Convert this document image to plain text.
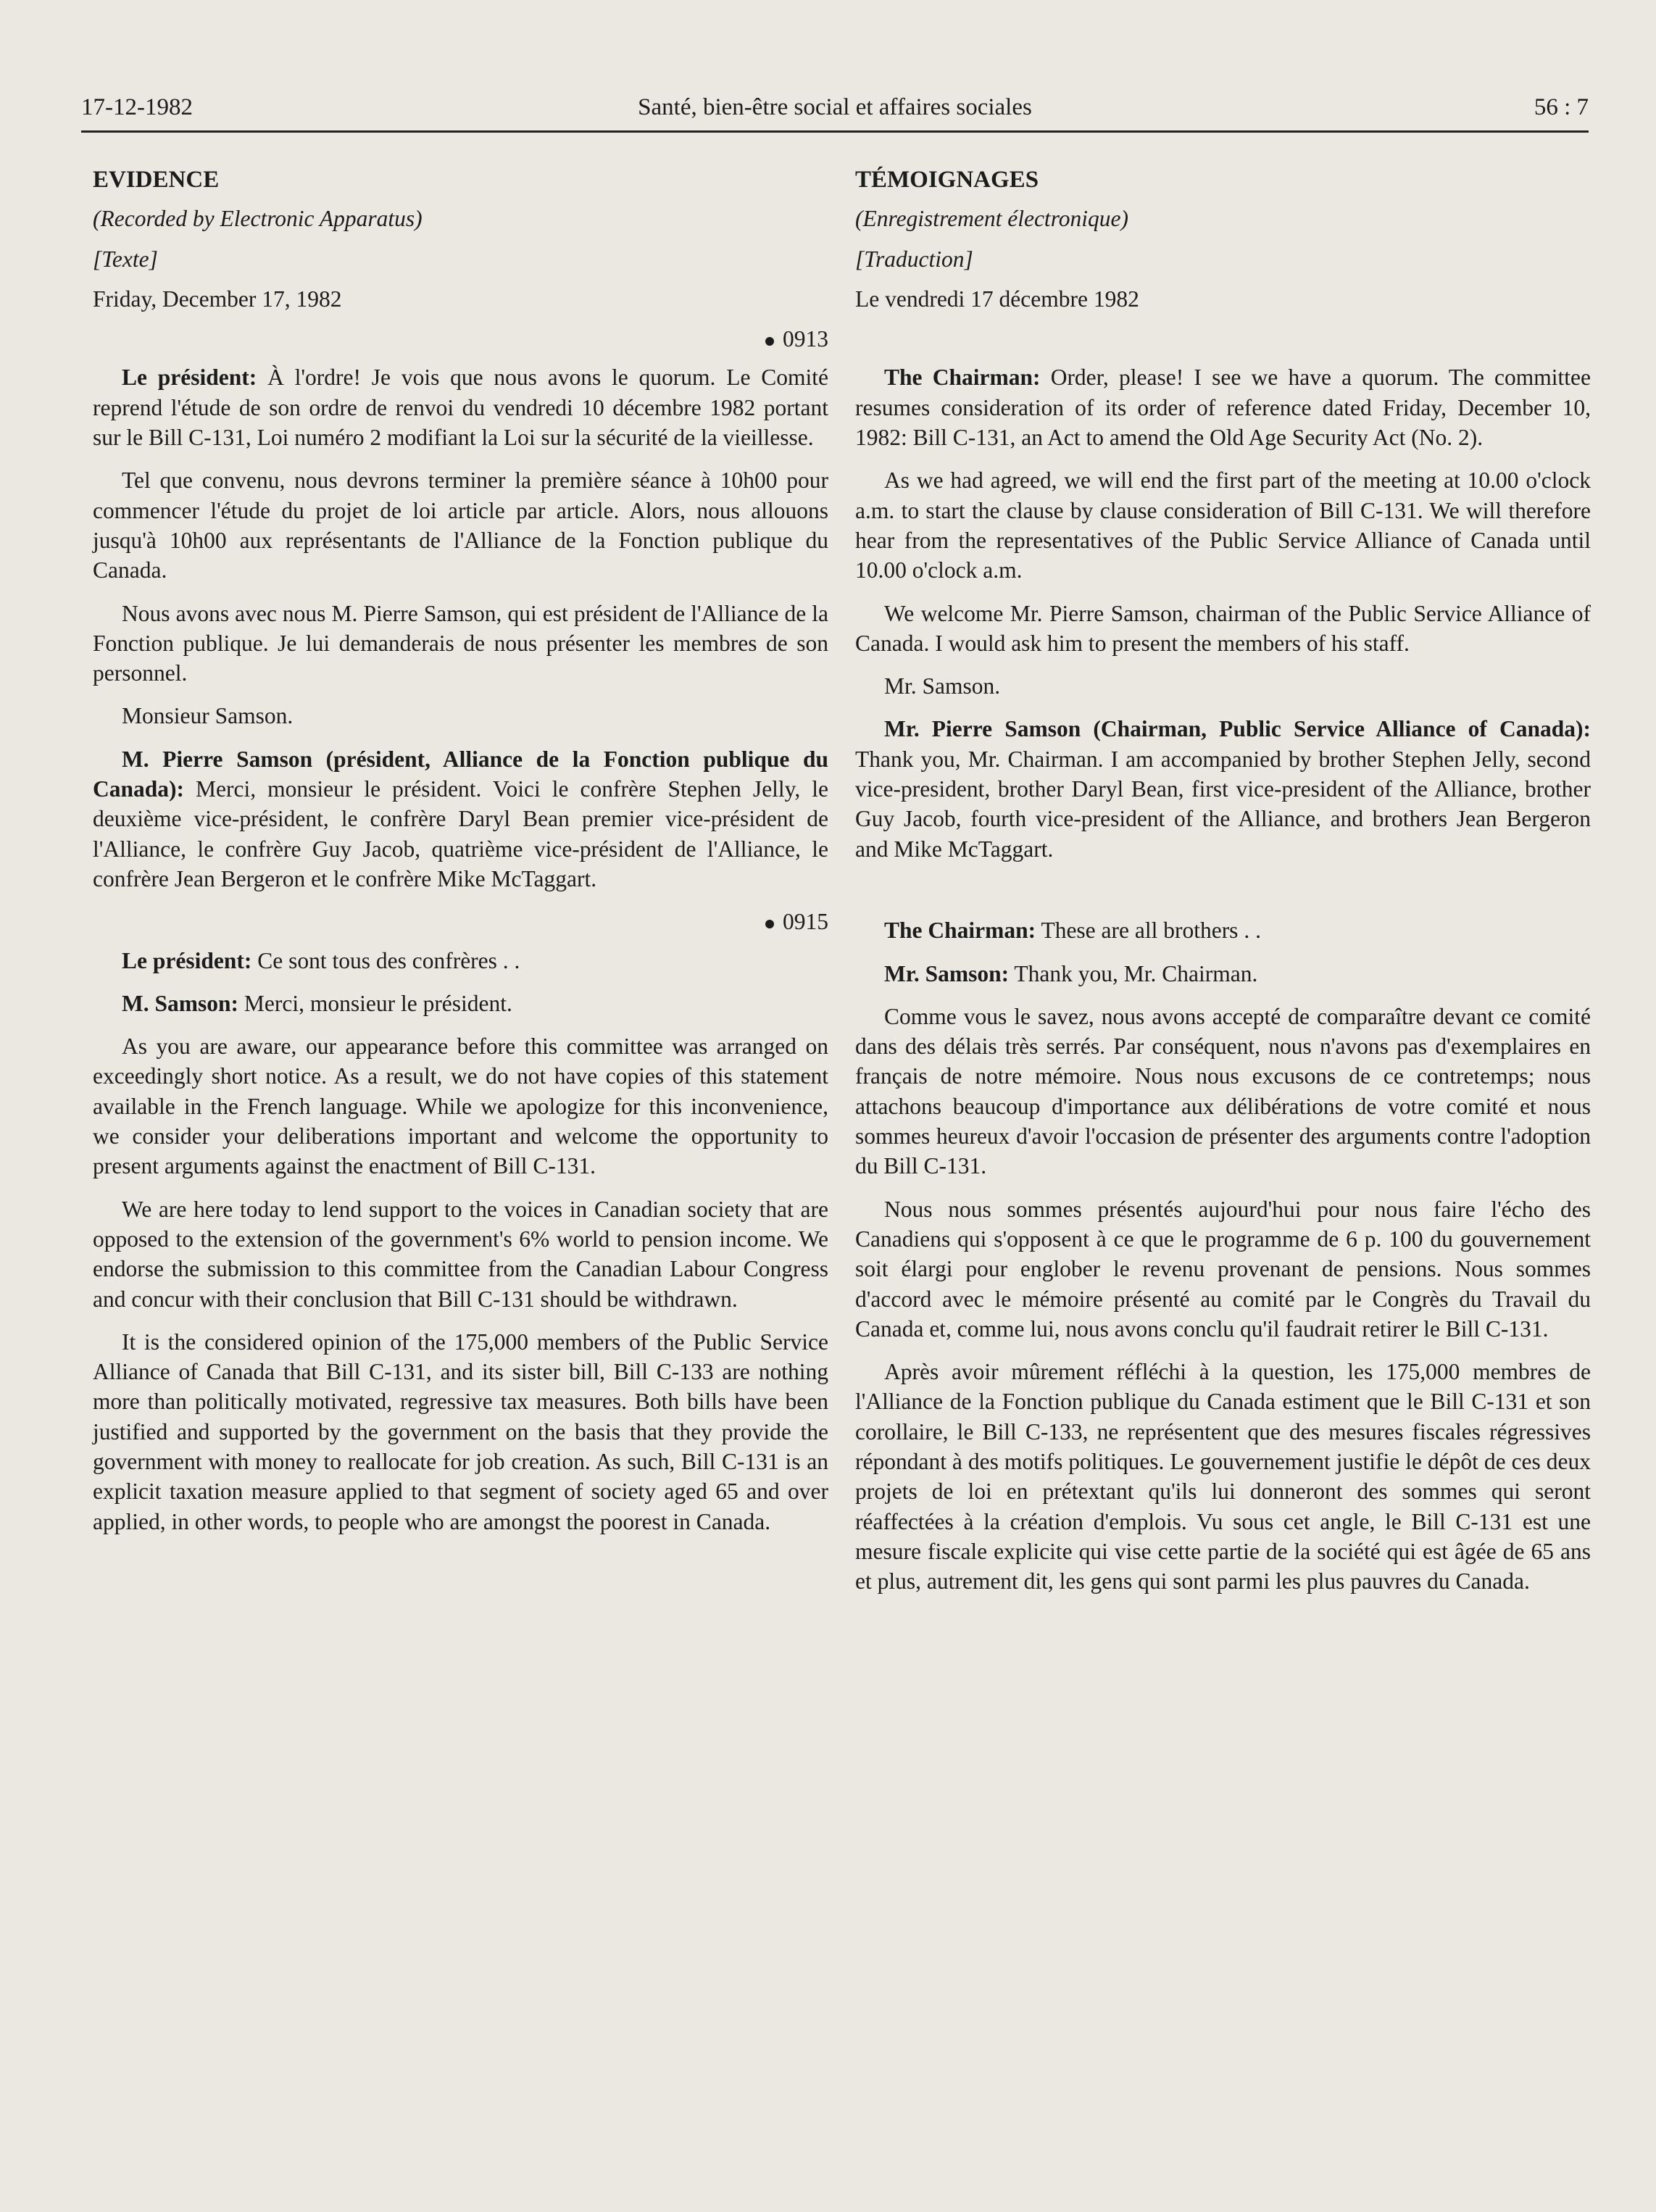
17-12-1982	Santé, bien-être social et affaires sociales	56 : 7
EVIDENCE
(Recorded by Electronic Apparatus)
[Texte]
Friday, December 17, 1982
0913
Le président: À l'ordre! Je vois que nous avons le quorum. Le Comité reprend l'étude de son ordre de renvoi du vendredi 10 décembre 1982 portant sur le Bill C-131, Loi numéro 2 modifiant la Loi sur la sécurité de la vieillesse.
Tel que convenu, nous devrons terminer la première séance à 10h00 pour commencer l'étude du projet de loi article par article. Alors, nous allouons jusqu'à 10h00 aux représentants de l'Alliance de la Fonction publique du Canada.
Nous avons avec nous M. Pierre Samson, qui est président de l'Alliance de la Fonction publique. Je lui demanderais de nous présenter les membres de son personnel.
Monsieur Samson.
M. Pierre Samson (président, Alliance de la Fonction publique du Canada): Merci, monsieur le président. Voici le confrère Stephen Jelly, le deuxième vice-président, le confrère Daryl Bean premier vice-président de l'Alliance, le confrère Guy Jacob, quatrième vice-président de l'Alliance, le confrère Jean Bergeron et le confrère Mike McTaggart.
0915
Le président: Ce sont tous des confrères . .
M. Samson: Merci, monsieur le président.
As you are aware, our appearance before this committee was arranged on exceedingly short notice. As a result, we do not have copies of this statement available in the French language. While we apologize for this inconvenience, we consider your deliberations important and welcome the opportunity to present arguments against the enactment of Bill C-131.
We are here today to lend support to the voices in Canadian society that are opposed to the extension of the government's 6% world to pension income. We endorse the submission to this committee from the Canadian Labour Congress and concur with their conclusion that Bill C-131 should be withdrawn.
It is the considered opinion of the 175,000 members of the Public Service Alliance of Canada that Bill C-131, and its sister bill, Bill C-133 are nothing more than politically motivated, regressive tax measures. Both bills have been justified and supported by the government on the basis that they provide the government with money to reallocate for job creation. As such, Bill C-131 is an explicit taxation measure applied to that segment of society aged 65 and over applied, in other words, to people who are amongst the poorest in Canada.
TÉMOIGNAGES
(Enregistrement électronique)
[Traduction]
Le vendredi 17 décembre 1982
The Chairman: Order, please! I see we have a quorum. The committee resumes consideration of its order of reference dated Friday, December 10, 1982: Bill C-131, an Act to amend the Old Age Security Act (No. 2).
As we had agreed, we will end the first part of the meeting at 10.00 o'clock a.m. to start the clause by clause consideration of Bill C-131. We will therefore hear from the representatives of the Public Service Alliance of Canada until 10.00 o'clock a.m.
We welcome Mr. Pierre Samson, chairman of the Public Service Alliance of Canada. I would ask him to present the members of his staff.
Mr. Samson.
Mr. Pierre Samson (Chairman, Public Service Alliance of Canada): Thank you, Mr. Chairman. I am accompanied by brother Stephen Jelly, second vice-president, brother Daryl Bean, first vice-president of the Alliance, brother Guy Jacob, fourth vice-president of the Alliance, and brothers Jean Bergeron and Mike McTaggart.
The Chairman: These are all brothers . .
Mr. Samson: Thank you, Mr. Chairman.
Comme vous le savez, nous avons accepté de comparaître devant ce comité dans des délais très serrés. Par conséquent, nous n'avons pas d'exemplaires en français de notre mémoire. Nous nous excusons de ce contretemps; nous attachons beaucoup d'importance aux délibérations de votre comité et nous sommes heureux d'avoir l'occasion de présenter des arguments contre l'adoption du Bill C-131.
Nous nous sommes présentés aujourd'hui pour nous faire l'écho des Canadiens qui s'opposent à ce que le programme de 6 p. 100 du gouvernement soit élargi pour englober le revenu provenant de pensions. Nous sommes d'accord avec le mémoire présenté au comité par le Congrès du Travail du Canada et, comme lui, nous avons conclu qu'il faudrait retirer le Bill C-131.
Après avoir mûrement réfléchi à la question, les 175,000 membres de l'Alliance de la Fonction publique du Canada estiment que le Bill C-131 et son corollaire, le Bill C-133, ne représentent que des mesures fiscales régressives répondant à des motifs politiques. Le gouvernement justifie le dépôt de ces deux projets de loi en prétextant qu'ils lui donneront des sommes qui seront réaffectées à la création d'emplois. Vu sous cet angle, le Bill C-131 est une mesure fiscale explicite qui vise cette partie de la société qui est âgée de 65 ans et plus, autrement dit, les gens qui sont parmi les plus pauvres du Canada.
